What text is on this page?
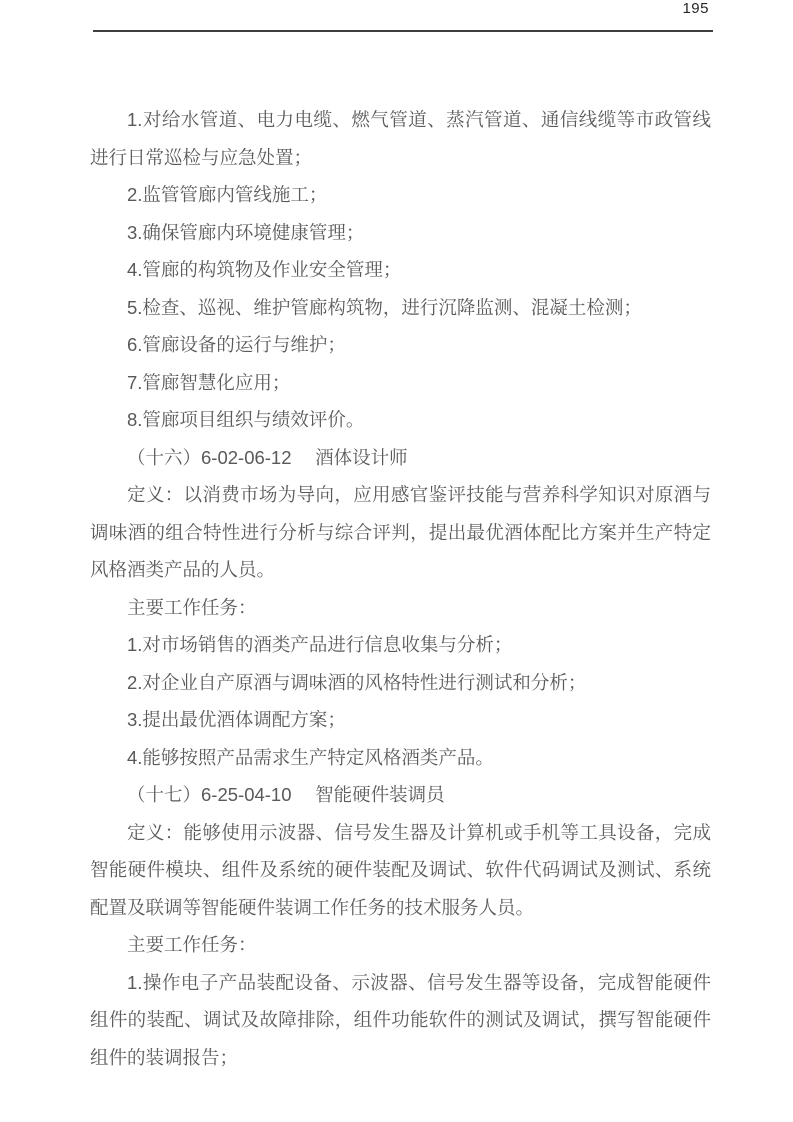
195

1.对给水管道、电力电缆、燃气管道、蒸汽管道、通信线缆等市政管线进行日常巡检与应急处置；

2.监管管廊内管线施工；

3.确保管廊内环境健康管理；

4.管廊的构筑物及作业安全管理；

5.检查、巡视、维护管廊构筑物，进行沉降监测、混凝土检测；

6.管廊设备的运行与维护；

7.管廊智慧化应用；

8.管廊项目组织与绩效评价。

（十六）6-02-06-12　 酒体设计师

定义：以消费市场为导向，应用感官鉴评技能与营养科学知识对原酒与调味酒的组合特性进行分析与综合评判，提出最优酒体配比方案并生产特定风格酒类产品的人员。

主要工作任务：

1.对市场销售的酒类产品进行信息收集与分析；

2.对企业自产原酒与调味酒的风格特性进行测试和分析；

3.提出最优酒体调配方案；

4.能够按照产品需求生产特定风格酒类产品。

（十七）6-25-04-10　 智能硬件装调员

定义：能够使用示波器、信号发生器及计算机或手机等工具设备，完成智能硬件模块、组件及系统的硬件装配及调试、软件代码调试及测试、系统配置及联调等智能硬件装调工作任务的技术服务人员。

主要工作任务：

1.操作电子产品装配设备、示波器、信号发生器等设备，完成智能硬件组件的装配、调试及故障排除，组件功能软件的测试及调试，撰写智能硬件组件的装调报告；
